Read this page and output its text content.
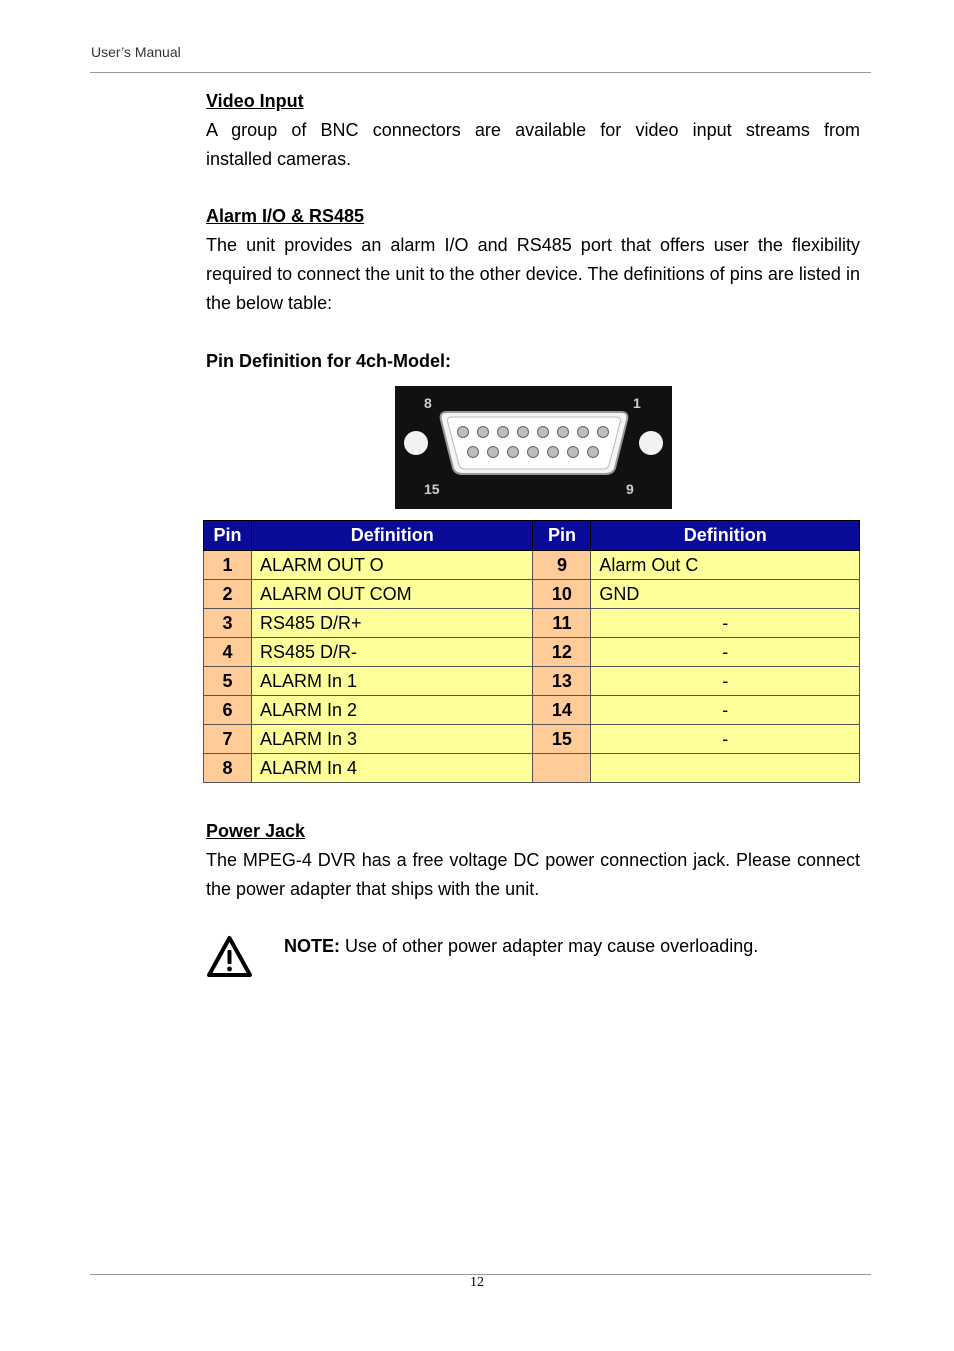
User’s Manual

Video Input

A group of BNC connectors are available for video input streams from

installed cameras.

Alarm I/O & RS485

The unit provides an alarm I/O and RS485 port that offers user the flexibility required to connect the unit to the other device. The definitions of pins are listed in the below table:

Pin Definition for 4ch-Model:

8	1
15	9
Pin	Definition	Pin	Definition
1	ALARM OUT O	9	Alarm Out C
2	ALARM OUT COM	10	GND
3	RS485 D/R+	11	-
4	RS485 D/R-	12	-
5	ALARM In 1	13	-
6	ALARM In 2	14	-
7	ALARM In 3	15	-
8	ALARM In 4		

Power Jack

The MPEG-4 DVR has a free voltage DC power connection jack. Please connect the power adapter that ships with the unit.

NOTE: Use of other power adapter may cause overloading.
12
